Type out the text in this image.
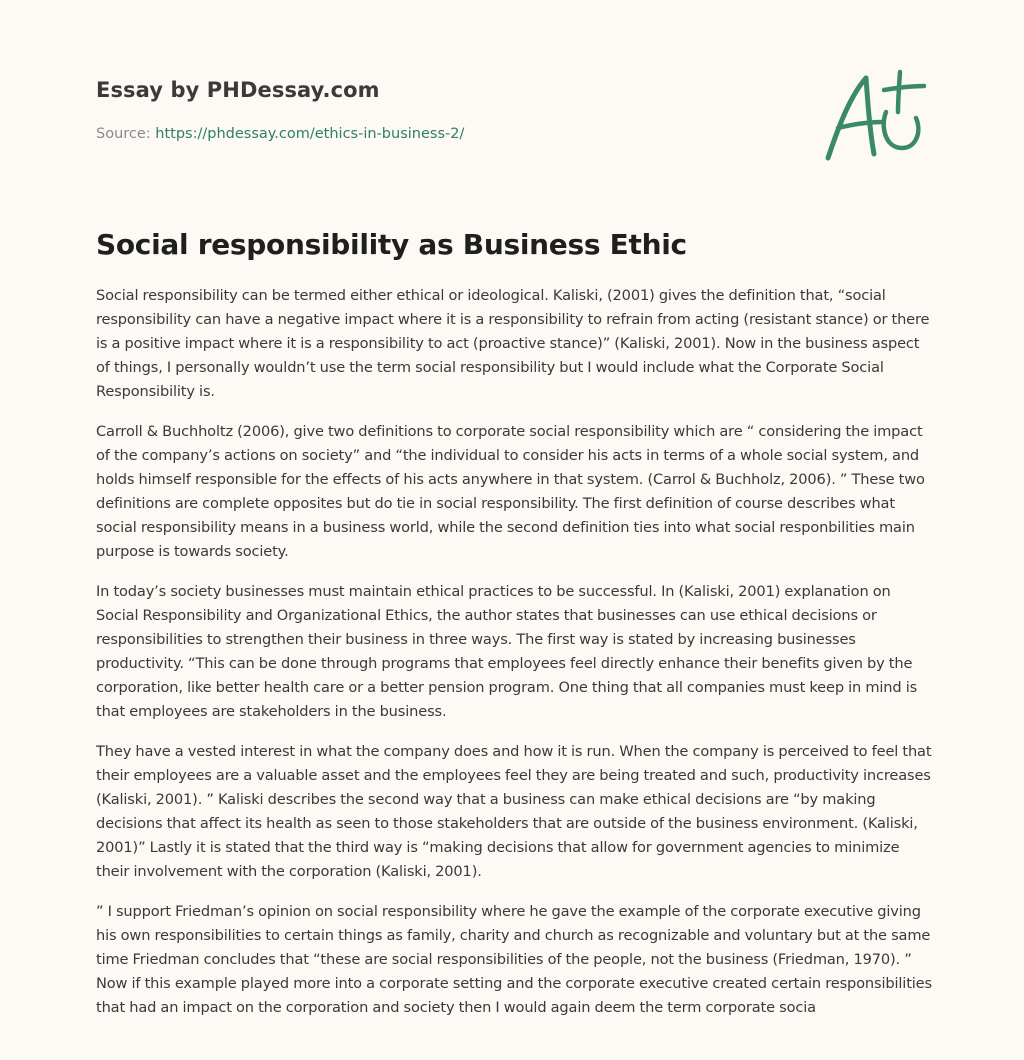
Essay by PHDessay.com
Source: https://phdessay.com/ethics-in-business-2/
Social responsibility as Business Ethic

Social responsibility can be termed either ethical or ideological. Kaliski, (2001) gives the definition that, “social responsibility can have a negative impact where it is a responsibility to refrain from acting (resistant stance) or there is a positive impact where it is a responsibility to act (proactive stance)” (Kaliski, 2001). Now in the business aspect of things, I personally wouldn’t use the term social responsibility but I would include what the Corporate Social Responsibility is.

Carroll & Buchholtz (2006), give two definitions to corporate social responsibility which are “ considering the impact of the company’s actions on society” and “the individual to consider his acts in terms of a whole social system, and holds himself responsible for the effects of his acts anywhere in that system. (Carrol & Buchholz, 2006). ” These two definitions are complete opposites but do tie in social responsibility. The first definition of course describes what social responsibility means in a business world, while the second definition ties into what social responbilities main purpose is towards society.

In today’s society businesses must maintain ethical practices to be successful. In (Kaliski, 2001) explanation on Social Responsibility and Organizational Ethics, the author states that businesses can use ethical decisions or responsibilities to strengthen their business in three ways. The first way is stated by increasing businesses productivity. “This can be done through programs that employees feel directly enhance their benefits given by the corporation, like better health care or a better pension program. One thing that all companies must keep in mind is that employees are stakeholders in the business.

They have a vested interest in what the company does and how it is run. When the company is perceived to feel that their employees are a valuable asset and the employees feel they are being treated and such, productivity increases (Kaliski, 2001). ” Kaliski describes the second way that a business can make ethical decisions are “by making decisions that affect its health as seen to those stakeholders that are outside of the business environment. (Kaliski, 2001)” Lastly it is stated that the third way is “making decisions that allow for government agencies to minimize their involvement with the corporation (Kaliski, 2001).

” I support Friedman’s opinion on social responsibility where he gave the example of the corporate executive giving his own responsibilities to certain things as family, charity and church as recognizable and voluntary but at the same time Friedman concludes that “these are social responsibilities of the people, not the business (Friedman, 1970). ” Now if this example played more into a corporate setting and the corporate executive created certain responsibilities that had an impact on the corporation and society then I would again deem the term corporate socia
